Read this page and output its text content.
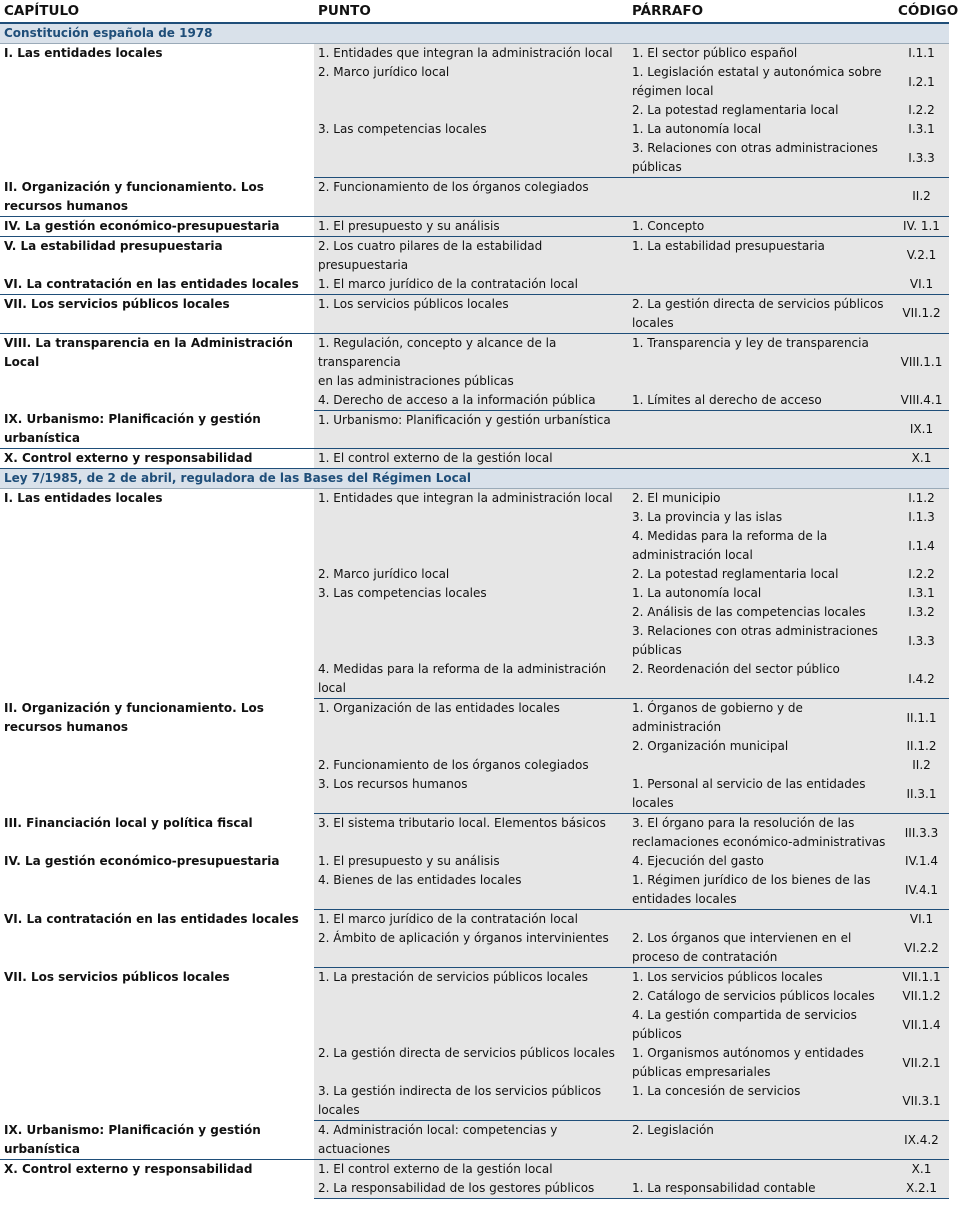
CAPÍTULO	PUNTO	PÁRRAFO	CÓDIGO
Constitución española de 1978			
I. Las entidades locales	1. Entidades que integran la administración local	1. El sector público español	I.1.1
	2. Marco jurídico local	1. Legislación estatal y autonómica sobre régimen local	I.2.1
		2. La potestad reglamentaria local	I.2.2
	3. Las competencias locales	1. La autonomía local	I.3.1
		3. Relaciones con otras administraciones públicas	I.3.3
II. Organización y funcionamiento. Los recursos humanos	2. Funcionamiento de los órganos colegiados		II.2
IV. La gestión económico-presupuestaria	1. El presupuesto y su análisis	1. Concepto	IV. 1.1
V. La estabilidad presupuestaria	2. Los cuatro pilares de la estabilidad presupuestaria	1. La estabilidad presupuestaria	V.2.1

VI. La contratación en las entidades locales	1. El marco jurídico de la contratación local		VI.1
VII. Los servicios públicos locales	1. Los servicios públicos locales	2. La gestión directa de servicios públicos locales	VII.1.2
VIII. La transparencia en la Administración Local	1. Regulación, concepto y alcance de la transparencia
en las administraciones públicas	1. Transparencia y ley de transparencia	VIII.1.1
	4. Derecho de acceso a la información pública	1. Límites al derecho de acceso	VIII.4.1
IX. Urbanismo: Planificación y gestión urbanística	1. Urbanismo: Planificación y gestión urbanística		IX.1
X. Control externo y responsabilidad	1. El control externo de la gestión local		X.1
Ley 7/1985, de 2 de abril, reguladora de las Bases del Régimen Local			
I. Las entidades locales	1. Entidades que integran la administración local	2. El municipio	I.1.2
		3. La provincia y las islas	I.1.3
		4. Medidas para la reforma de la administración local	I.1.4
	2. Marco jurídico local	2. La potestad reglamentaria local	I.2.2
	3. Las competencias locales	1. La autonomía local	I.3.1
		2. Análisis de las competencias locales	I.3.2
		3. Relaciones con otras administraciones públicas	I.3.3
	4. Medidas para la reforma de la administración local	2. Reordenación del sector público	I.4.2
II. Organización y funcionamiento. Los recursos humanos	1. Organización de las entidades locales	1. Órganos de gobierno y de administración	II.1.1
		2. Organización municipal	II.1.2
	2. Funcionamiento de los órganos colegiados		II.2
	3. Los recursos humanos	1. Personal al servicio de las entidades locales	II.3.1
III. Financiación local y política fiscal	3. El sistema tributario local. Elementos básicos	3. El órgano para la resolución de las reclamaciones económico-administrativas	III.3.3

IV. La gestión económico-presupuestaria	1. El presupuesto y su análisis	4. Ejecución del gasto	IV.1.4
	4. Bienes de las entidades locales	1. Régimen jurídico de los bienes de las entidades locales	IV.4.1
VI. La contratación en las entidades locales	1. El marco jurídico de la contratación local		VI.1
	2. Ámbito de aplicación y órganos intervinientes	2. Los órganos que intervienen en el proceso de contratación	VI.2.2
VII. Los servicios públicos locales	1. La prestación de servicios públicos locales	1. Los servicios públicos locales	VII.1.1
		2. Catálogo de servicios públicos locales	VII.1.2
		4. La gestión compartida de servicios públicos	VII.1.4
	2. La gestión directa de servicios públicos locales	1. Organismos autónomos y entidades públicas empresariales	VII.2.1
	3. La gestión indirecta de los servicios públicos locales	1. La concesión de servicios	VII.3.1
IX. Urbanismo: Planificación y gestión urbanística	4. Administración local: competencias y actuaciones	2. Legislación	IX.4.2
X. Control externo y responsabilidad	1. El control externo de la gestión local		X.1
	2. La responsabilidad de los gestores públicos	1. La responsabilidad contable	X.2.1
